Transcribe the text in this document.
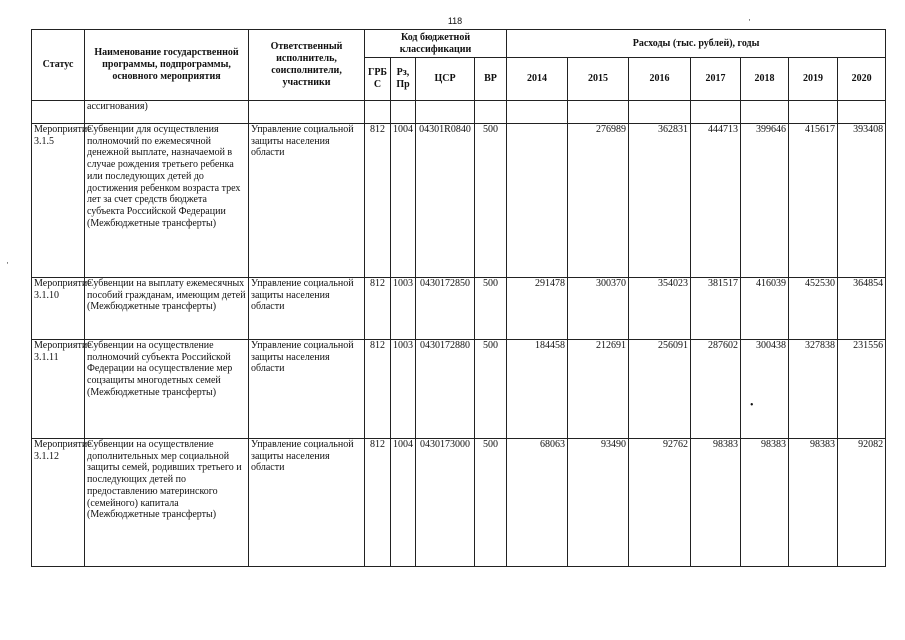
118	·
·
•
Статус	Наименование государственной программы, подпрограммы, основного мероприятия	Ответственный исполнитель, соисполнители, участники	Код бюджетной классификации				Расходы (тыс. рублей), годы						
			ГРБ С	Рз, Пр	ЦСР	ВР	2014	2015	2016	2017	2018	2019	2020
	ассигнования)												
Мероприятие 3.1.5	Субвенции для осуществления полномочий по ежемесячной денежной выплате, назначаемой в случае рождения третьего ребенка или последующих детей до достижения ребенком возраста трех лет за счет средств бюджета субъекта Российской Федерации (Межбюджетные трансферты)	Управление социальной защиты населения области	812	1004	04301R0840	500		276989	362831	444713	399646	415617	393408
Мероприятие 3.1.10	Субвенции на выплату ежемесячных пособий гражданам, имеющим детей (Межбюджетные трансферты)	Управление социальной защиты населения области	812	1003	0430172850	500	291478	300370	354023	381517	416039	452530	364854
Мероприятие 3.1.11	Субвенции на осуществление полномочий субъекта Российской Федерации на осуществление мер соцзащиты многодетных семей (Межбюджетные трансферты)	Управление социальной защиты населения области	812	1003	0430172880	500	184458	212691	256091	287602	300438	327838	231556
Мероприятие 3.1.12	Субвенции на осуществление дополнительных мер социальной защиты семей, родивших третьего и последующих детей по предоставлению материнского (семейного) капитала (Межбюджетные трансферты)	Управление социальной защиты населения области	812	1004	0430173000	500	68063	93490	92762	98383	98383	98383	92082
